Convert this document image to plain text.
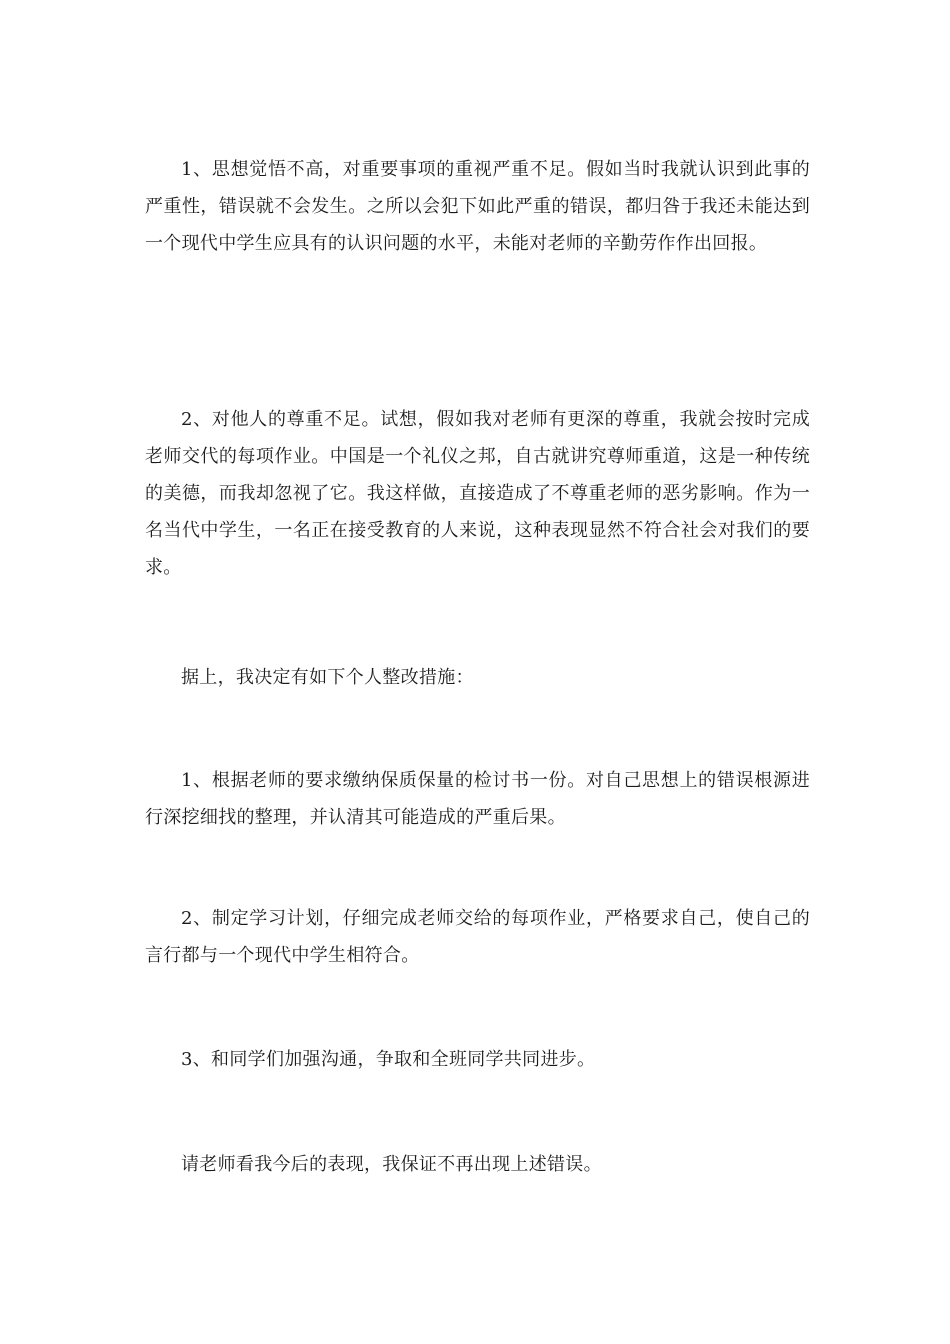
1、思想觉悟不高，对重要事项的重视严重不足。假如当时我就认识到此事的严重性，错误就不会发生。之所以会犯下如此严重的错误，都归咎于我还未能达到一个现代中学生应具有的认识问题的水平，未能对老师的辛勤劳作作出回报。

2、对他人的尊重不足。试想，假如我对老师有更深的尊重，我就会按时完成老师交代的每项作业。中国是一个礼仪之邦，自古就讲究尊师重道，这是一种传统的美德，而我却忽视了它。我这样做，直接造成了不尊重老师的恶劣影响。作为一名当代中学生，一名正在接受教育的人来说，这种表现显然不符合社会对我们的要求。

据上，我决定有如下个人整改措施：

1、根据老师的要求缴纳保质保量的检讨书一份。对自己思想上的错误根源进行深挖细找的整理，并认清其可能造成的严重后果。

2、制定学习计划，仔细完成老师交给的每项作业，严格要求自己，使自己的言行都与一个现代中学生相符合。

3、和同学们加强沟通，争取和全班同学共同进步。

请老师看我今后的表现，我保证不再出现上述错误。
